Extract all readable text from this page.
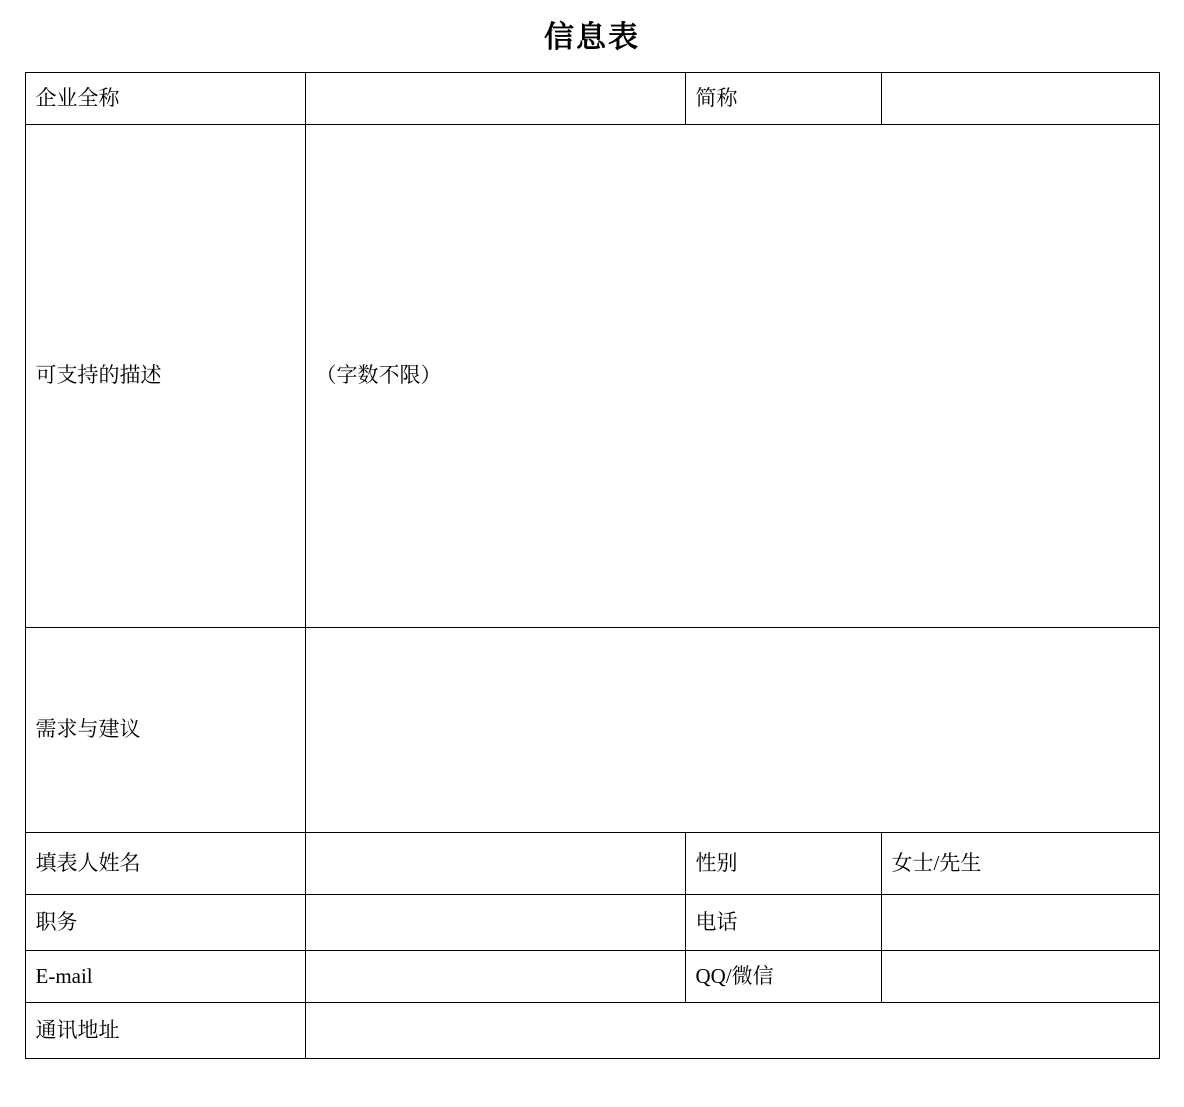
信息表
企业全称		简称	
可支持的描述	（字数不限）		
需求与建议			
填表人姓名		性别	女士/先生
职务		电话	
E-mail		QQ/微信	
通讯地址			
